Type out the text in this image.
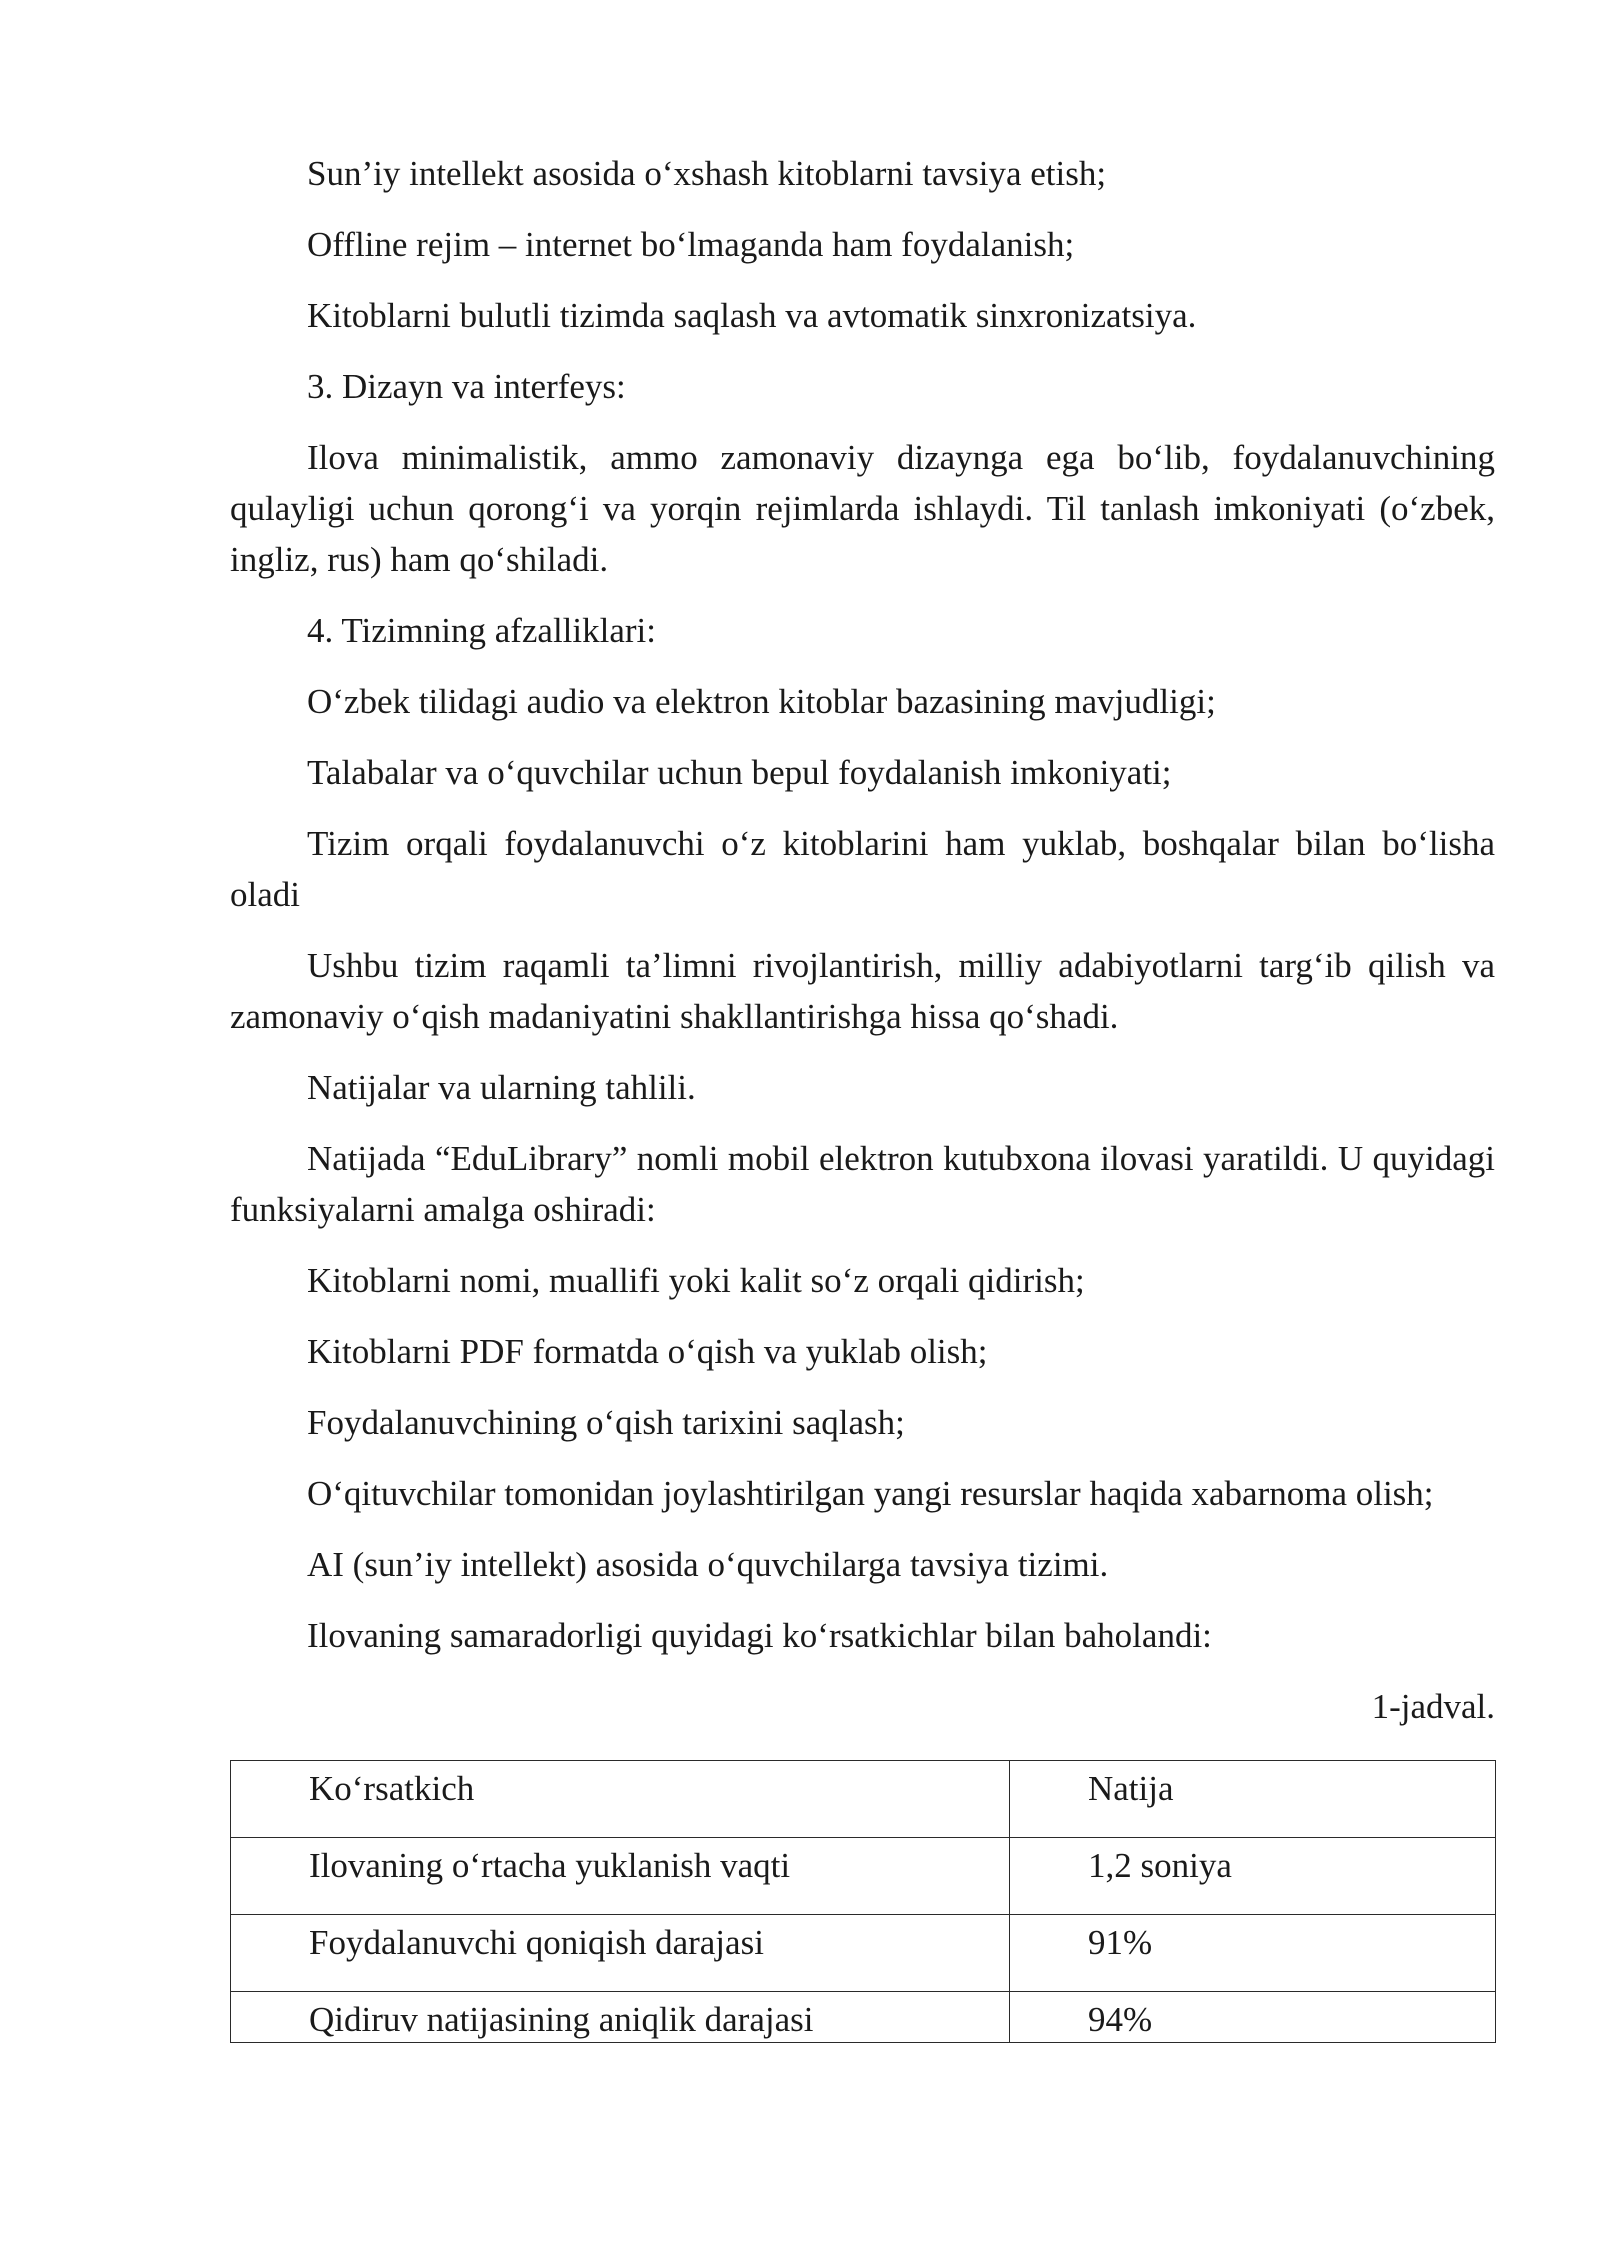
Sun’iy intellekt asosida o‘xshash kitoblarni tavsiya etish;

Offline rejim – internet bo‘lmaganda ham foydalanish;

Kitoblarni bulutli tizimda saqlash va avtomatik sinxronizatsiya.

3. Dizayn va interfeys:

Ilova minimalistik, ammo zamonaviy dizaynga ega bo‘lib, foydalanuvchining qulayligi uchun qorong‘i va yorqin rejimlarda ishlaydi. Til tanlash imkoniyati (o‘zbek, ingliz, rus) ham qo‘shiladi.

4. Tizimning afzalliklari:

O‘zbek tilidagi audio va elektron kitoblar bazasining mavjudligi;

Talabalar va o‘quvchilar uchun bepul foydalanish imkoniyati;

Tizim orqali foydalanuvchi o‘z kitoblarini ham yuklab, boshqalar bilan bo‘lisha oladi

Ushbu tizim raqamli ta’limni rivojlantirish, milliy adabiyotlarni targ‘ib qilish va zamonaviy o‘qish madaniyatini shakllantirishga hissa qo‘shadi.

Natijalar va ularning tahlili.

Natijada “EduLibrary” nomli mobil elektron kutubxona ilovasi yaratildi. U quyidagi funksiyalarni amalga oshiradi:

Kitoblarni nomi, muallifi yoki kalit so‘z orqali qidirish;

Kitoblarni PDF formatda o‘qish va yuklab olish;

Foydalanuvchining o‘qish tarixini saqlash;

O‘qituvchilar tomonidan joylashtirilgan yangi resurslar haqida xabarnoma olish;

AI (sun’iy intellekt) asosida o‘quvchilarga tavsiya tizimi.

Ilovaning samaradorligi quyidagi ko‘rsatkichlar bilan baholandi:

1-jadval.
Ko‘rsatkich	Natija
Ilovaning o‘rtacha yuklanish vaqti	1,2 soniya
Foydalanuvchi qoniqish darajasi	91%
Qidiruv natijasining aniqlik darajasi	94%
